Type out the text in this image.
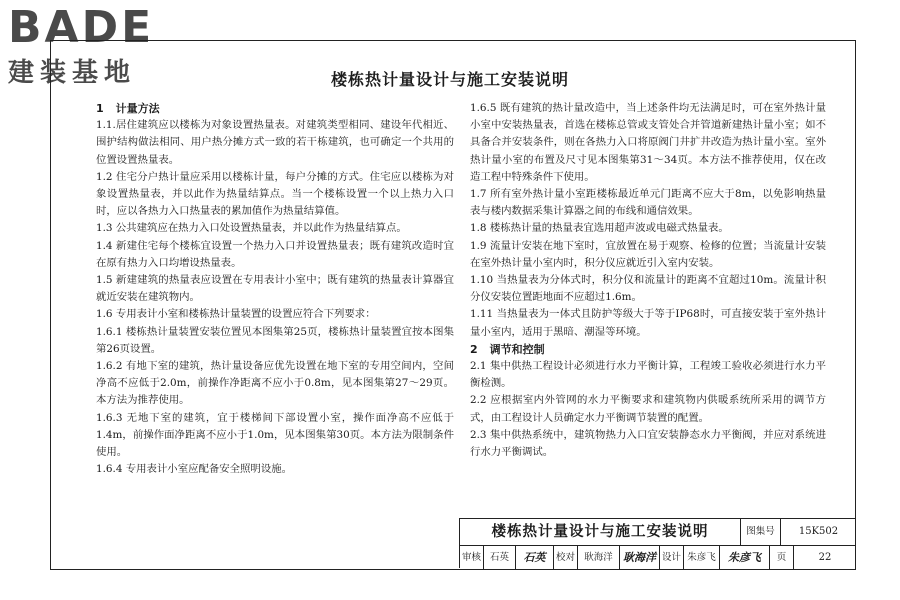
BADE
建装基地	楼栋热计量设计与施工安装说明

1 计量方法

1.1.居住建筑应以楼栋为对象设置热量表。对建筑类型相同、建设年代相近、围护结构做法相同、用户热分摊方式一致的若干栋建筑，也可确定一个共用的位置设置热量表。

1.2 住宅分户热计量应采用以楼栋计量，每户分摊的方式。住宅应以楼栋为对象设置热量表，并以此作为热量结算点。当一个楼栋设置一个以上热力入口时，应以各热力入口热量表的累加值作为热量结算值。

1.3 公共建筑应在热力入口处设置热量表，并以此作为热量结算点。

1.4 新建住宅每个楼栋宜设置一个热力入口并设置热量表；既有建筑改造时宜在原有热力入口均增设热量表。

1.5 新建建筑的热量表应设置在专用表计小室中；既有建筑的热量表计算器宜就近安装在建筑物内。

1.6 专用表计小室和楼栋热计量装置的设置应符合下列要求：

1.6.1 楼栋热计量装置安装位置见本图集第25页，楼栋热计量装置宜按本图集第26页设置。

1.6.2 有地下室的建筑，热计量设备应优先设置在地下室的专用空间内，空间净高不应低于2.0m，前操作净距离不应小于0.8m，见本图集第27～29页。本方法为推荐使用。

1.6.3 无地下室的建筑，宜于楼梯间下部设置小室，操作面净高不应低于1.4m，前操作面净距离不应小于1.0m，见本图集第30页。本方法为限制条件使用。

1.6.4 专用表计小室应配备安全照明设施。

1.6.5 既有建筑的热计量改造中，当上述条件均无法满足时，可在室外热计量小室中安装热量表，首选在楼栋总管或支管处合并管道新建热计量小室；如不具备合并安装条件，则在各热力入口将原阀门井扩井改造为热计量小室。室外热计量小室的布置及尺寸见本图集第31～34页。本方法不推荐使用，仅在改造工程中特殊条件下使用。

1.7 所有室外热计量小室距楼栋最近单元门距离不应大于8m，以免影响热量表与楼内数据采集计算器之间的布线和通信效果。

1.8 楼栋热计量的热量表宜选用超声波或电磁式热量表。

1.9 流量计安装在地下室时，宜放置在易于观察、检修的位置；当流量计安装在室外热计量小室内时，积分仪应就近引入室内安装。

1.10 当热量表为分体式时，积分仪和流量计的距离不宜超过10m。流量计积分仪安装位置距地面不应超过1.6m。

1.11 当热量表为一体式且防护等级大于等于IP68时，可直接安装于室外热计量小室内，适用于黑暗、潮湿等环境。

2 调节和控制

2.1 集中供热工程设计必须进行水力平衡计算，工程竣工验收必须进行水力平衡检测。

2.2 应根据室内外管网的水力平衡要求和建筑物内供暖系统所采用的调节方式，由工程设计人员确定水力平衡调节装置的配置。

2.3 集中供热系统中，建筑物热力入口宜安装静态水力平衡阀，并应对系统进行水力平衡调试。

楼栋热计量设计与施工安装说明	图集号	15K502
审核 石英	石英	校对 耿海洋 耿海洋 设计 朱彦飞	朱彦飞	页	22
